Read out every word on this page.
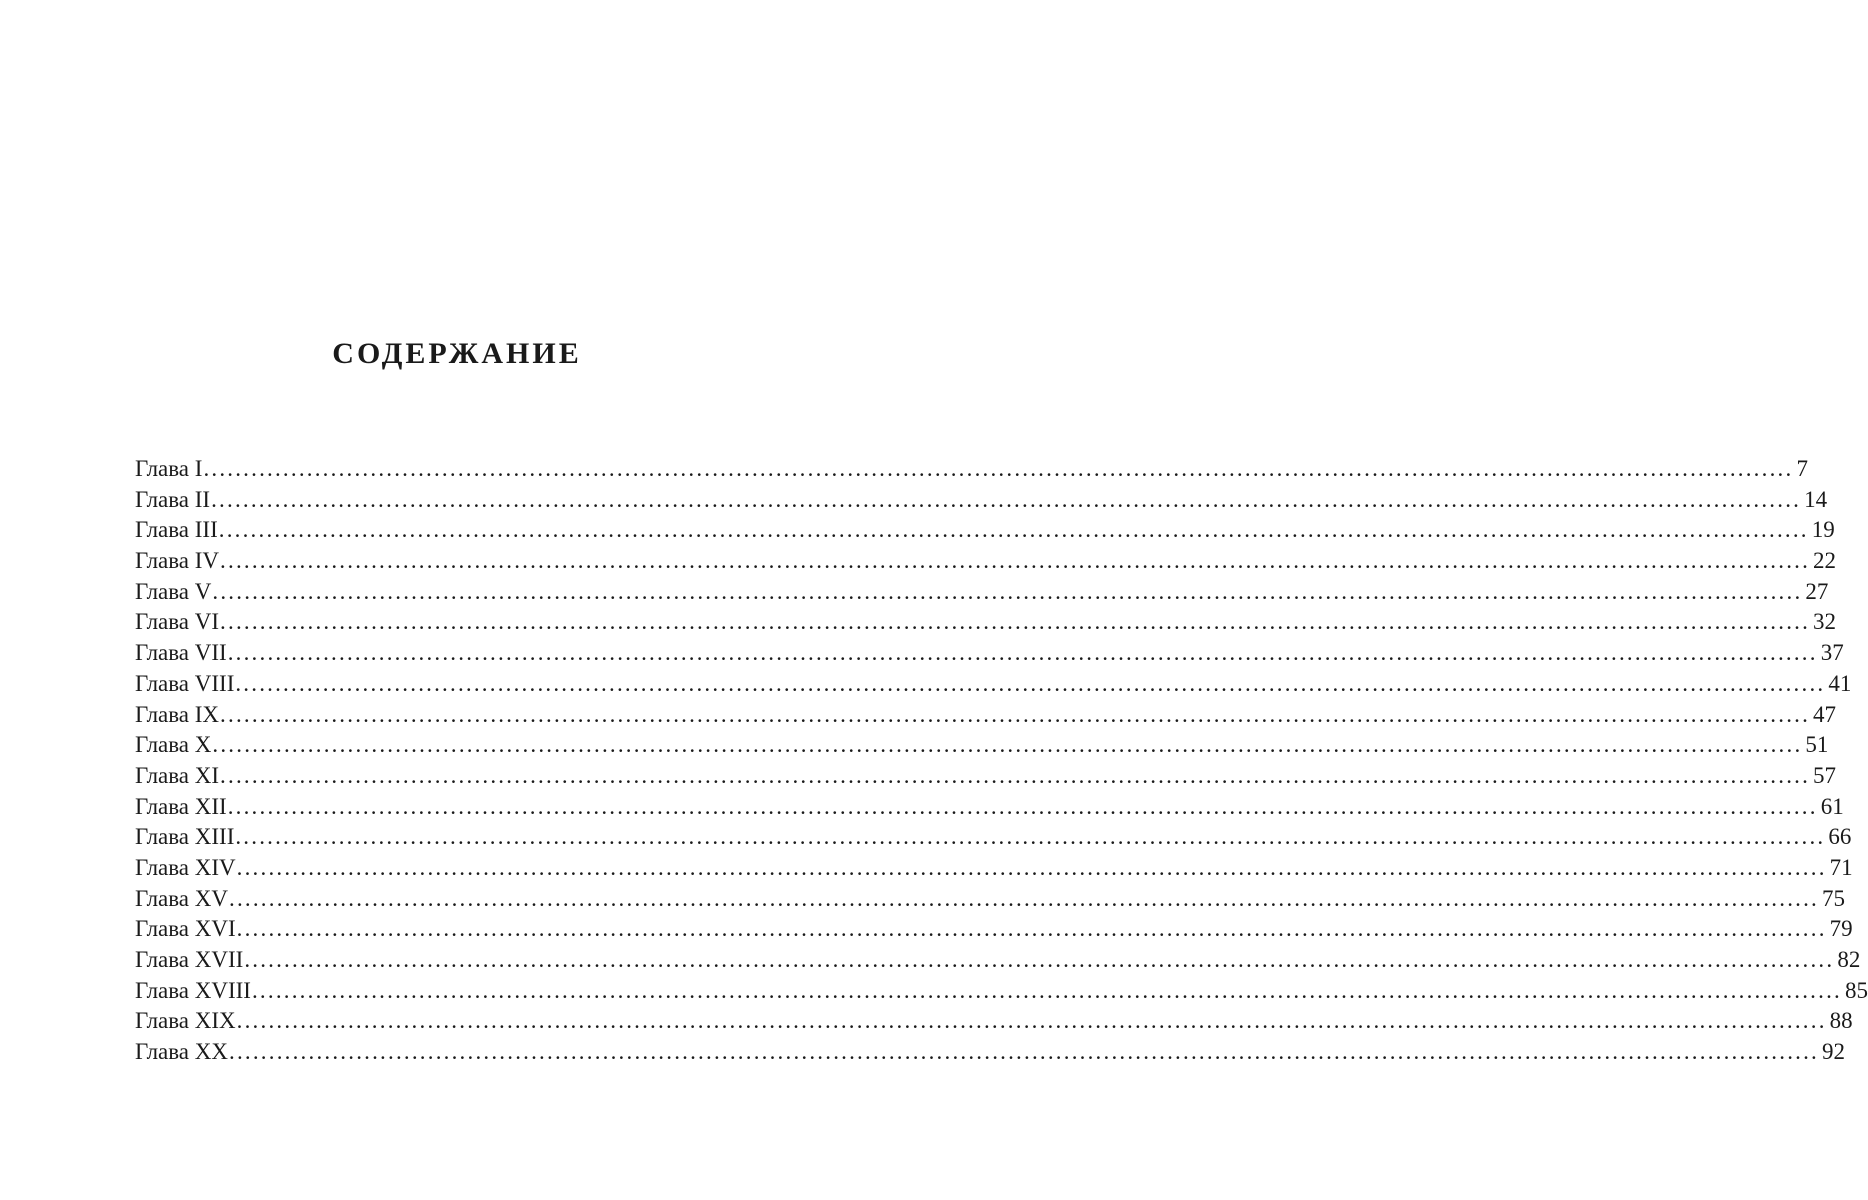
СОДЕРЖАНИЕ
Глава I ........................................................................................................................................................................................................ 7
Глава II ........................................................................................................................................................................................................ 14
Глава III ........................................................................................................................................................................................................ 19
Глава IV ........................................................................................................................................................................................................ 22
Глава V ........................................................................................................................................................................................................ 27
Глава VI ........................................................................................................................................................................................................ 32
Глава VII ........................................................................................................................................................................................................ 37
Глава VIII ........................................................................................................................................................................................................ 41
Глава IX ........................................................................................................................................................................................................ 47
Глава X ........................................................................................................................................................................................................ 51
Глава XI ........................................................................................................................................................................................................ 57
Глава XII ........................................................................................................................................................................................................ 61
Глава XIII ........................................................................................................................................................................................................ 66
Глава XIV ........................................................................................................................................................................................................ 71
Глава XV ........................................................................................................................................................................................................ 75
Глава XVI ........................................................................................................................................................................................................ 79
Глава XVII ........................................................................................................................................................................................................ 82
Глава XVIII ........................................................................................................................................................................................................ 85
Глава XIX ........................................................................................................................................................................................................ 88
Глава XX ........................................................................................................................................................................................................ 92
